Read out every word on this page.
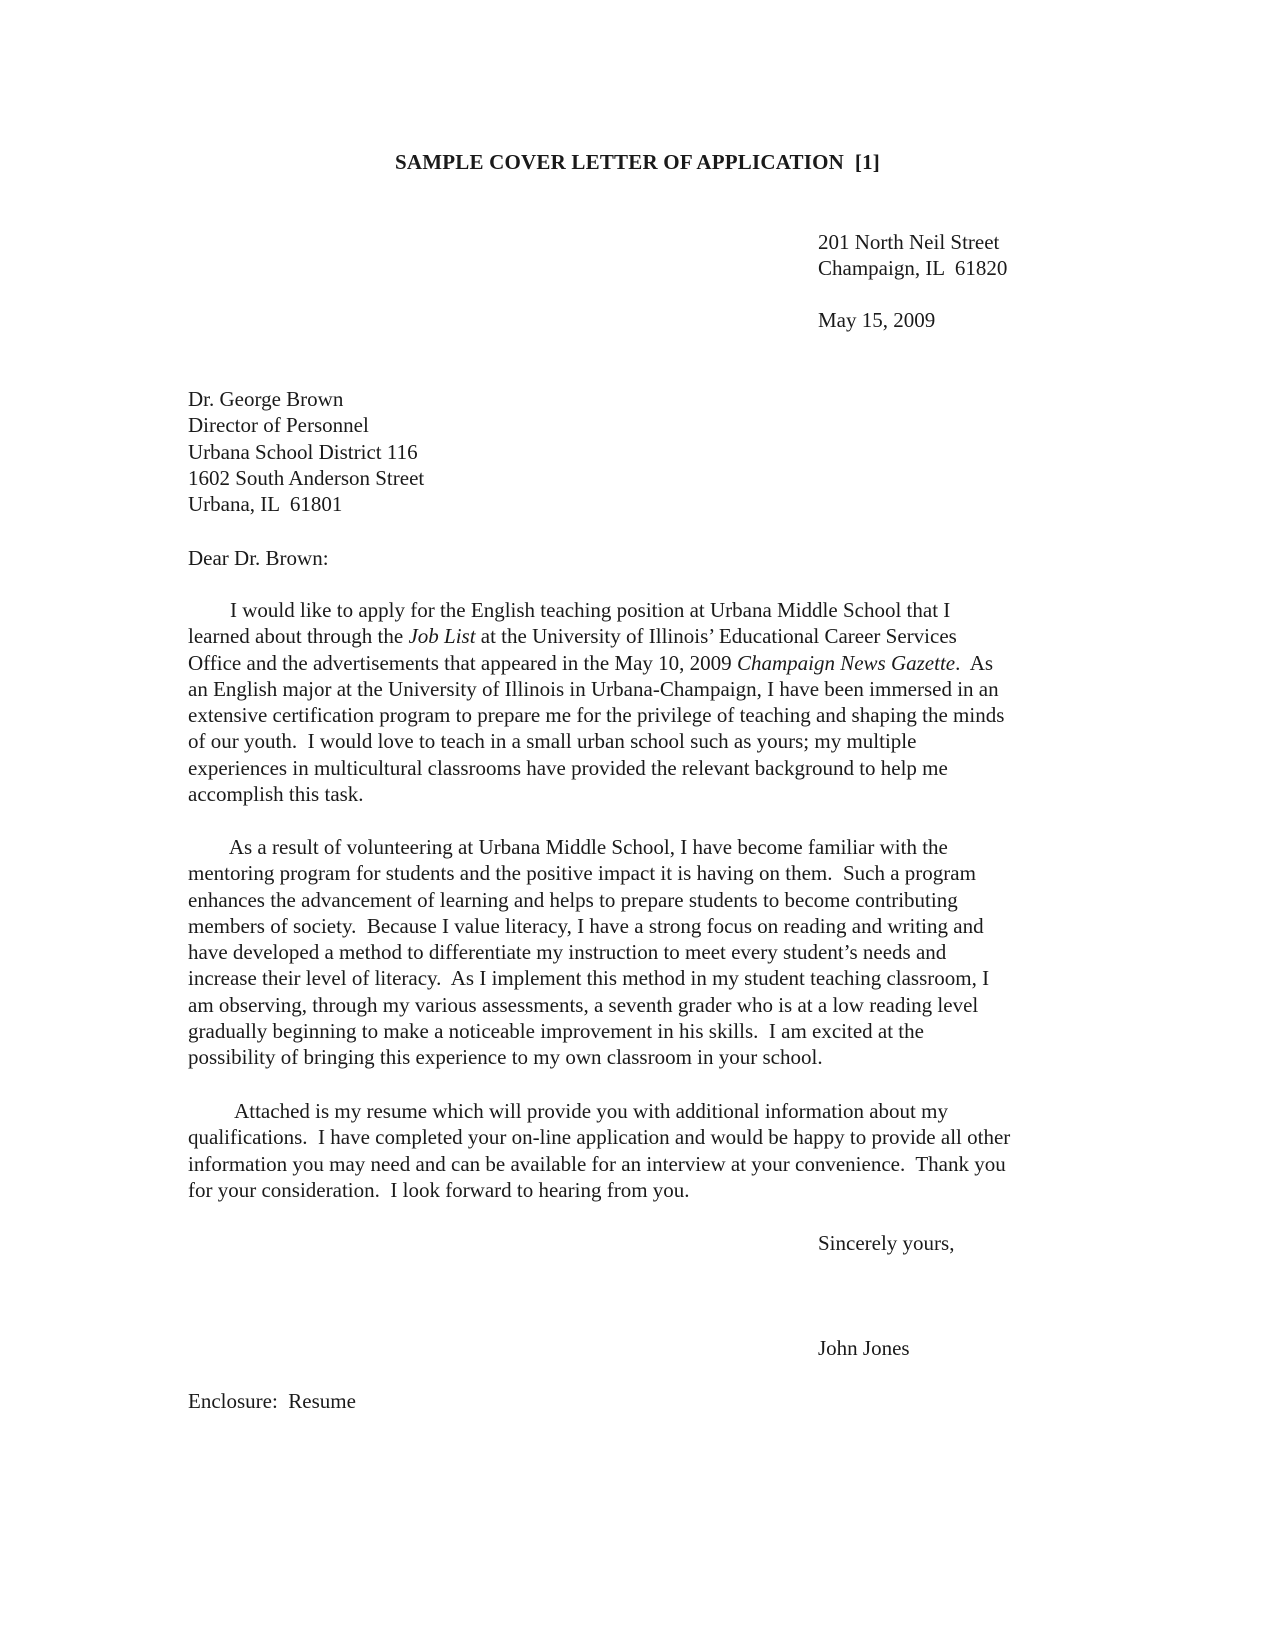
SAMPLE COVER LETTER OF APPLICATION  [1]
201 North Neil Street
Champaign, IL  61820
May 15, 2009
Dr. George Brown
Director of Personnel
Urbana School District 116
1602 South Anderson Street
Urbana, IL  61801
Dear Dr. Brown:
I would like to apply for the English teaching position at Urbana Middle School that I
learned about through the Job List at the University of Illinois’ Educational Career Services
Office and the advertisements that appeared in the May 10, 2009 Champaign News Gazette.  As
an English major at the University of Illinois in Urbana-Champaign, I have been immersed in an
extensive certification program to prepare me for the privilege of teaching and shaping the minds
of our youth.  I would love to teach in a small urban school such as yours; my multiple
experiences in multicultural classrooms have provided the relevant background to help me
accomplish this task.
As a result of volunteering at Urbana Middle School, I have become familiar with the
mentoring program for students and the positive impact it is having on them.  Such a program
enhances the advancement of learning and helps to prepare students to become contributing
members of society.  Because I value literacy, I have a strong focus on reading and writing and
have developed a method to differentiate my instruction to meet every student’s needs and
increase their level of literacy.  As I implement this method in my student teaching classroom, I
am observing, through my various assessments, a seventh grader who is at a low reading level
gradually beginning to make a noticeable improvement in his skills.  I am excited at the
possibility of bringing this experience to my own classroom in your school.
Attached is my resume which will provide you with additional information about my
qualifications.  I have completed your on-line application and would be happy to provide all other
information you may need and can be available for an interview at your convenience.  Thank you
for your consideration.  I look forward to hearing from you.
Sincerely yours,
John Jones
Enclosure:  Resume
